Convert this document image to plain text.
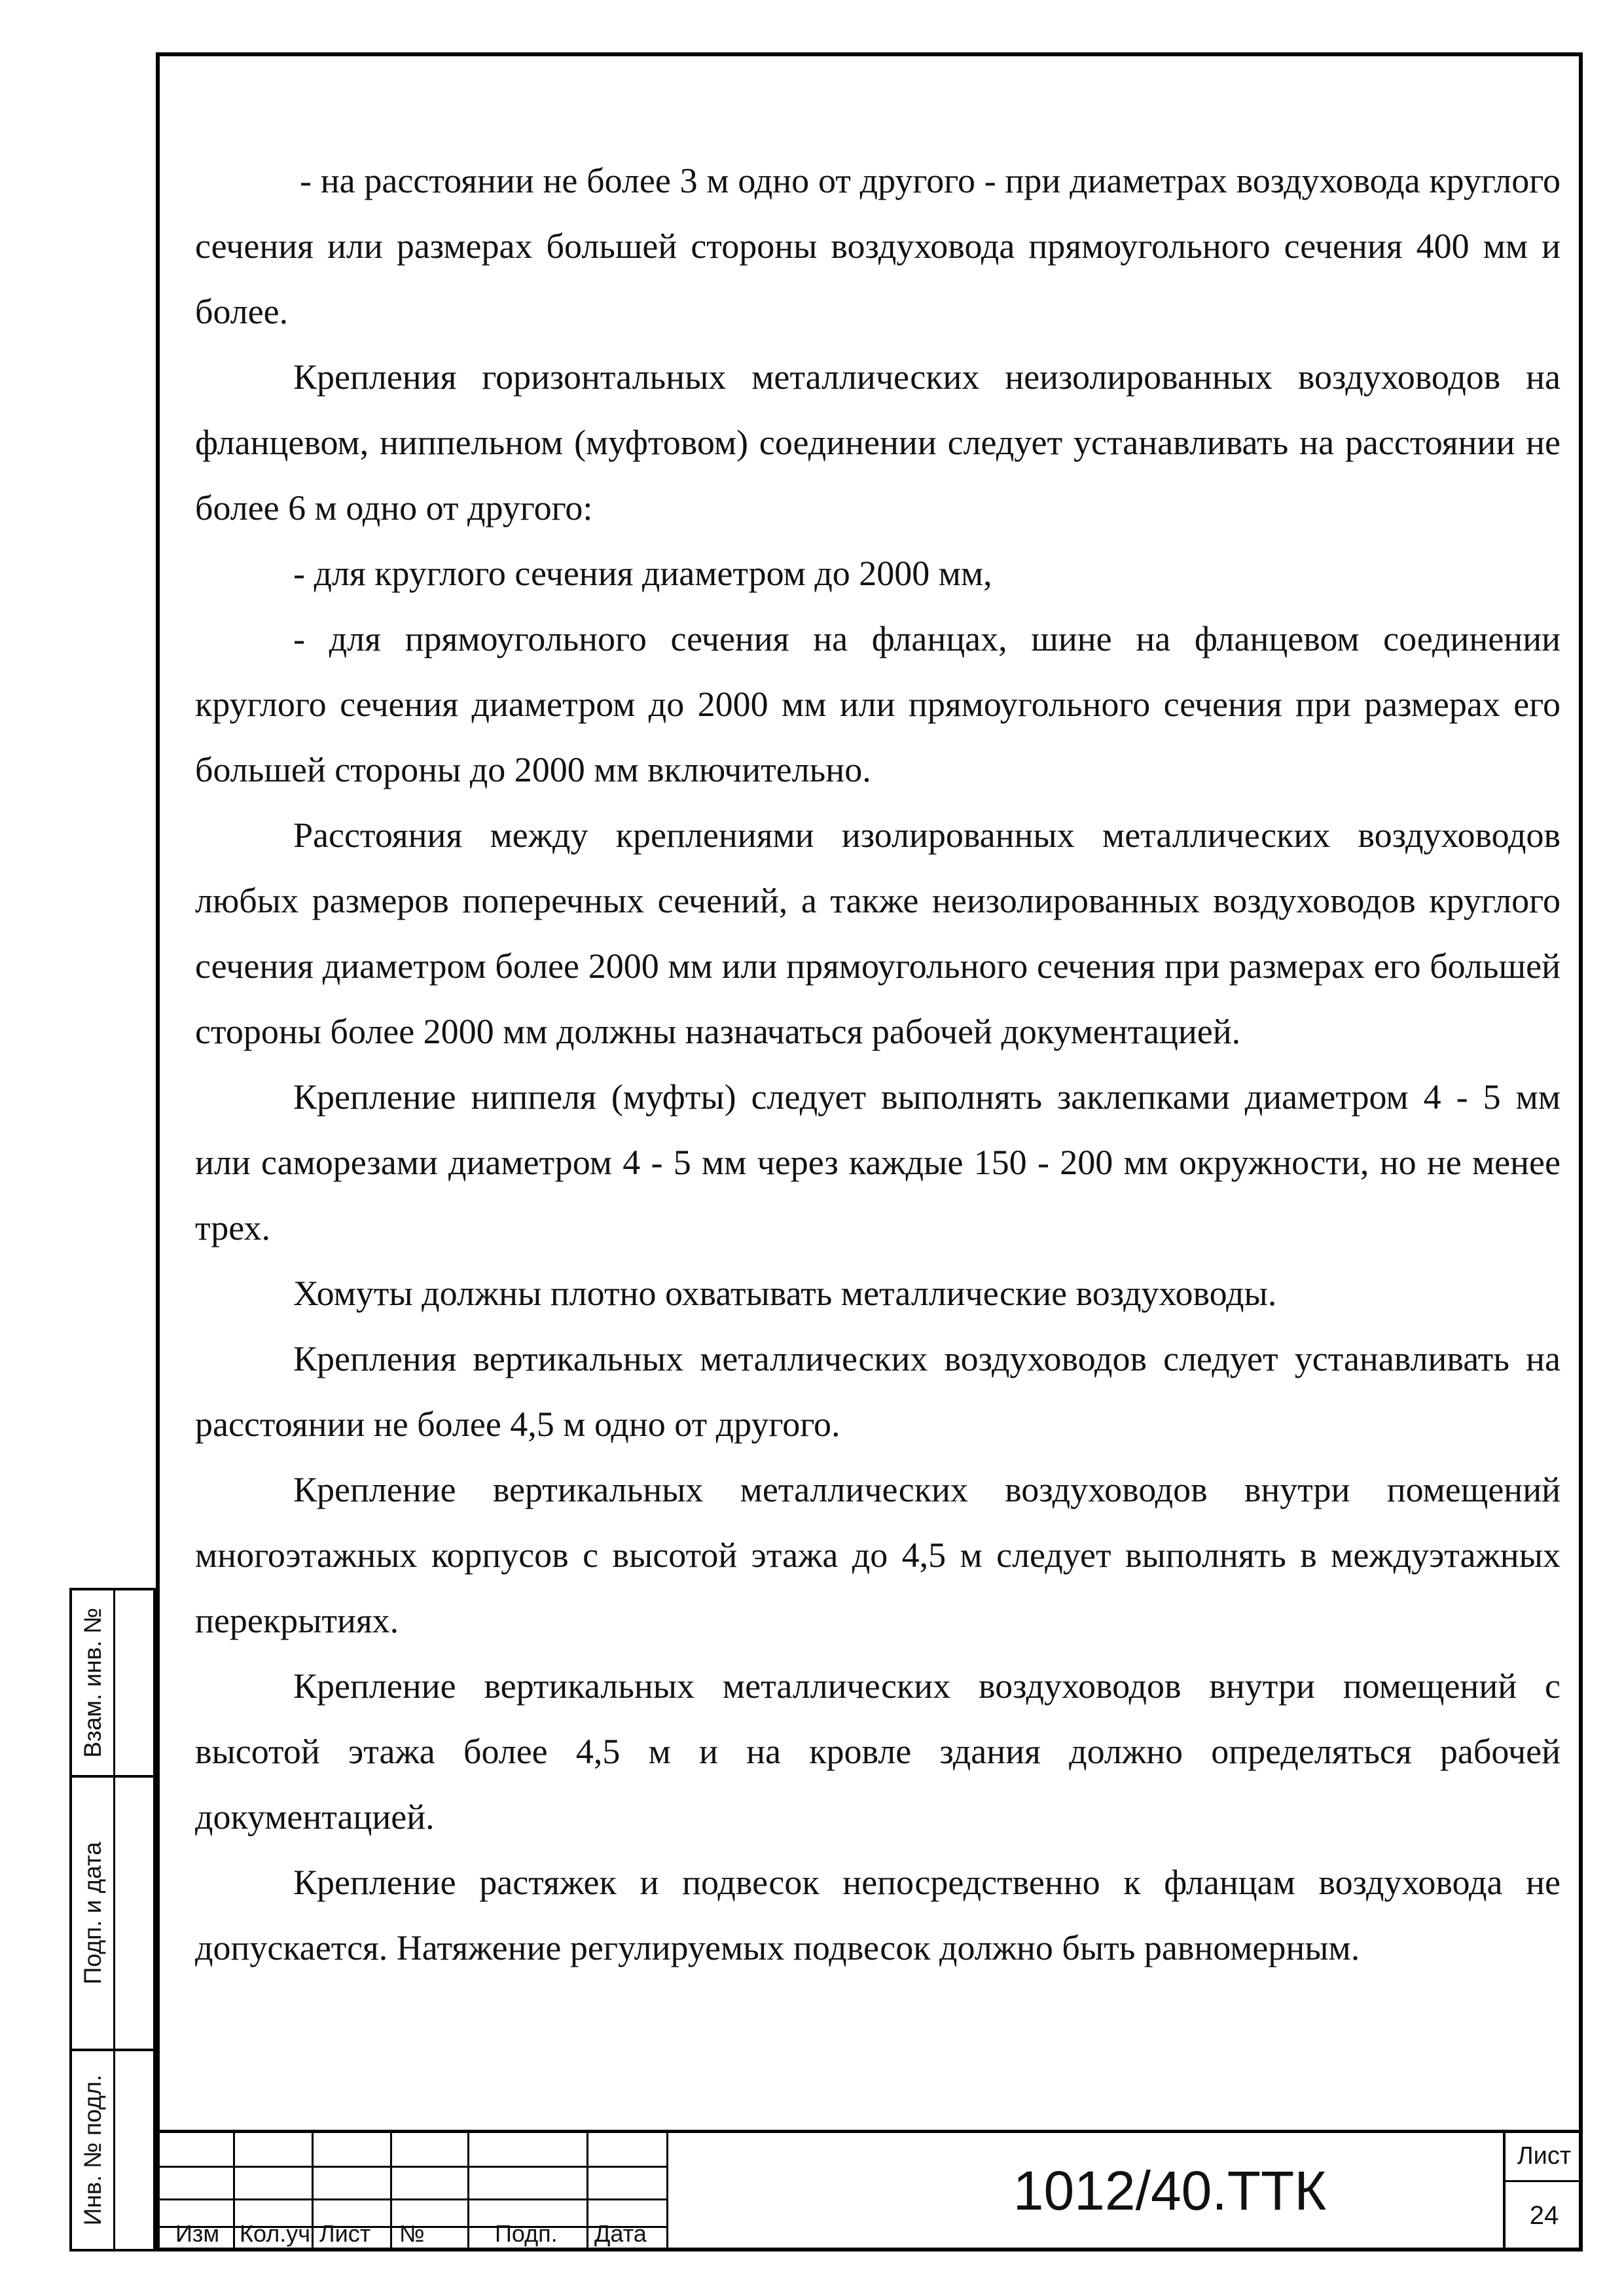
- на расстоянии не более 3 м одно от другого - при диаметрах воздуховода круглого сечения или размерах большей стороны воздуховода прямоугольного сечения 400 мм и более.

Крепления горизонтальных металлических неизолированных воздуховодов на фланцевом, ниппельном (муфтовом) соединении следует устанавливать на расстоянии не более 6 м одно от другого:

- для круглого сечения диаметром до 2000 мм,

- для прямоугольного сечения на фланцах, шине на фланцевом соединении круглого сечения диаметром до 2000 мм или прямоугольного сечения при размерах его большей стороны до 2000 мм включительно.

Расстояния между креплениями изолированных металлических воздуховодов любых размеров поперечных сечений, а также неизолированных воздуховодов круглого сечения диаметром более 2000 мм или прямоугольного сечения при размерах его большей стороны более 2000 мм должны назначаться рабочей документацией.

Крепление ниппеля (муфты) следует выполнять заклепками диаметром 4 - 5 мм или саморезами диаметром 4 - 5 мм через каждые 150 - 200 мм окружности, но не менее трех.

Хомуты должны плотно охватывать металлические воздуховоды.

Крепления вертикальных металлических воздуховодов следует устанавливать на расстоянии не более 4,5 м одно от другого.

Крепление вертикальных металлических воздуховодов внутри помещений многоэтажных корпусов с высотой этажа до 4,5 м следует выполнять в междуэтажных перекрытиях.

Крепление вертикальных металлических воздуховодов внутри помещений с высотой этажа более 4,5 м и на кровле здания должно определяться рабочей документацией.

Крепление растяжек и подвесок непосредственно к фланцам воздуховода не допускается. Натяжение регулируемых подвесок должно быть равномерным.

Взам. инв. №
Подп. и дата
Инв. № подл.
Изм Кол.уч Лист №	Подп. Дата
1012/40.ТТК
Лист
24
